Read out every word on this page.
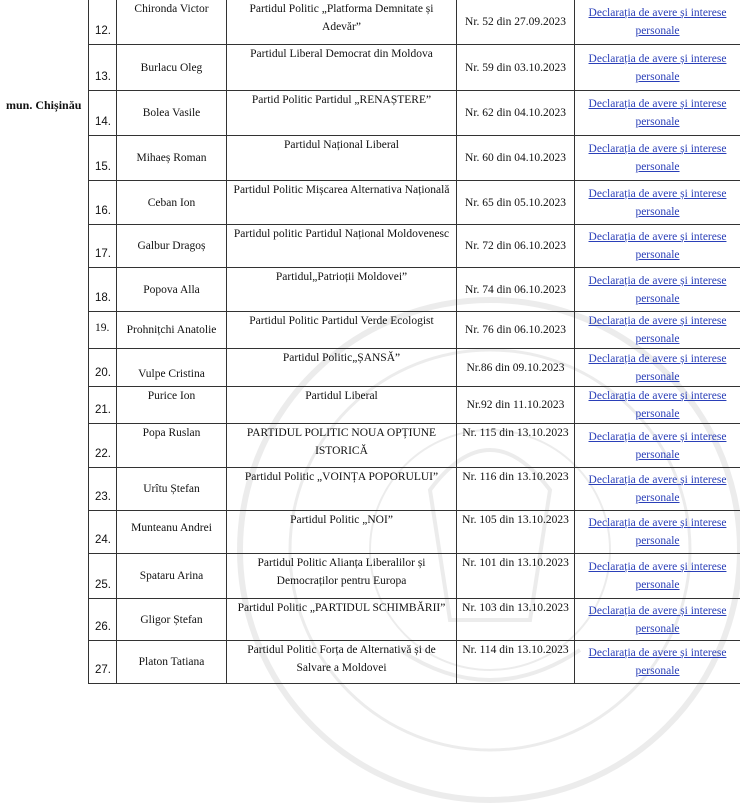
mun. Chișinău
12.	Chironda Victor	Partidul Politic „Platforma Demnitate și Adevăr”	Nr. 52 din 27.09.2023	Declarația de avere și interese personale
13.	Burlacu Oleg	Partidul Liberal Democrat din Moldova	Nr. 59 din 03.10.2023	Declarația de avere și interese personale
14.	Bolea Vasile	Partid Politic Partidul „RENAȘTERE”	Nr. 62 din 04.10.2023	Declarația de avere și interese personale
15.	Mihaeș Roman	Partidul Național Liberal	Nr. 60 din 04.10.2023	Declarația de avere și interese personale
16.	Ceban Ion	Partidul Politic Mișcarea Alternativa Națională	Nr. 65 din 05.10.2023	Declarația de avere și interese personale
17.	Galbur Dragoș	Partidul politic Partidul Național Moldovenesc	Nr. 72 din 06.10.2023	Declarația de avere și interese personale
18.	Popova Alla	Partidul„Patrioții Moldovei”	Nr. 74 din 06.10.2023	Declarația de avere și interese personale
19.	Prohnițchi Anatolie	Partidul Politic Partidul Verde Ecologist	Nr. 76 din 06.10.2023	Declarația de avere și interese personale
20.	Vulpe Cristina	Partidul Politic„ȘANSĂ”	Nr.86 din 09.10.2023	Declarația de avere și interese personale
21.	Purice Ion	Partidul Liberal	Nr.92 din 11.10.2023	Declarația de avere și interese personale
22.	Popa Ruslan	PARTIDUL POLITIC NOUA OPȚIUNE ISTORICĂ	Nr. 115 din 13.10.2023	Declarația de avere și interese personale
23.	Urîtu Ștefan	Partidul Politic „VOINȚA POPORULUI”	Nr. 116 din 13.10.2023	Declarația de avere și interese personale
24.	Munteanu Andrei	Partidul Politic „NOI”	Nr. 105 din 13.10.2023	Declarația de avere și interese personale
25.	Spataru Arina	Partidul Politic Alianța Liberalilor și Democraților pentru Europa	Nr. 101 din 13.10.2023	Declarația de avere și interese personale
26.	Gligor Ștefan	Partidul Politic „PARTIDUL SCHIMBĂRII”	Nr. 103 din 13.10.2023	Declarația de avere și interese personale
27.	Platon Tatiana	Partidul Politic Forța de Alternativă și de Salvare a Moldovei	Nr. 114 din 13.10.2023	Declarația de avere și interese personale
